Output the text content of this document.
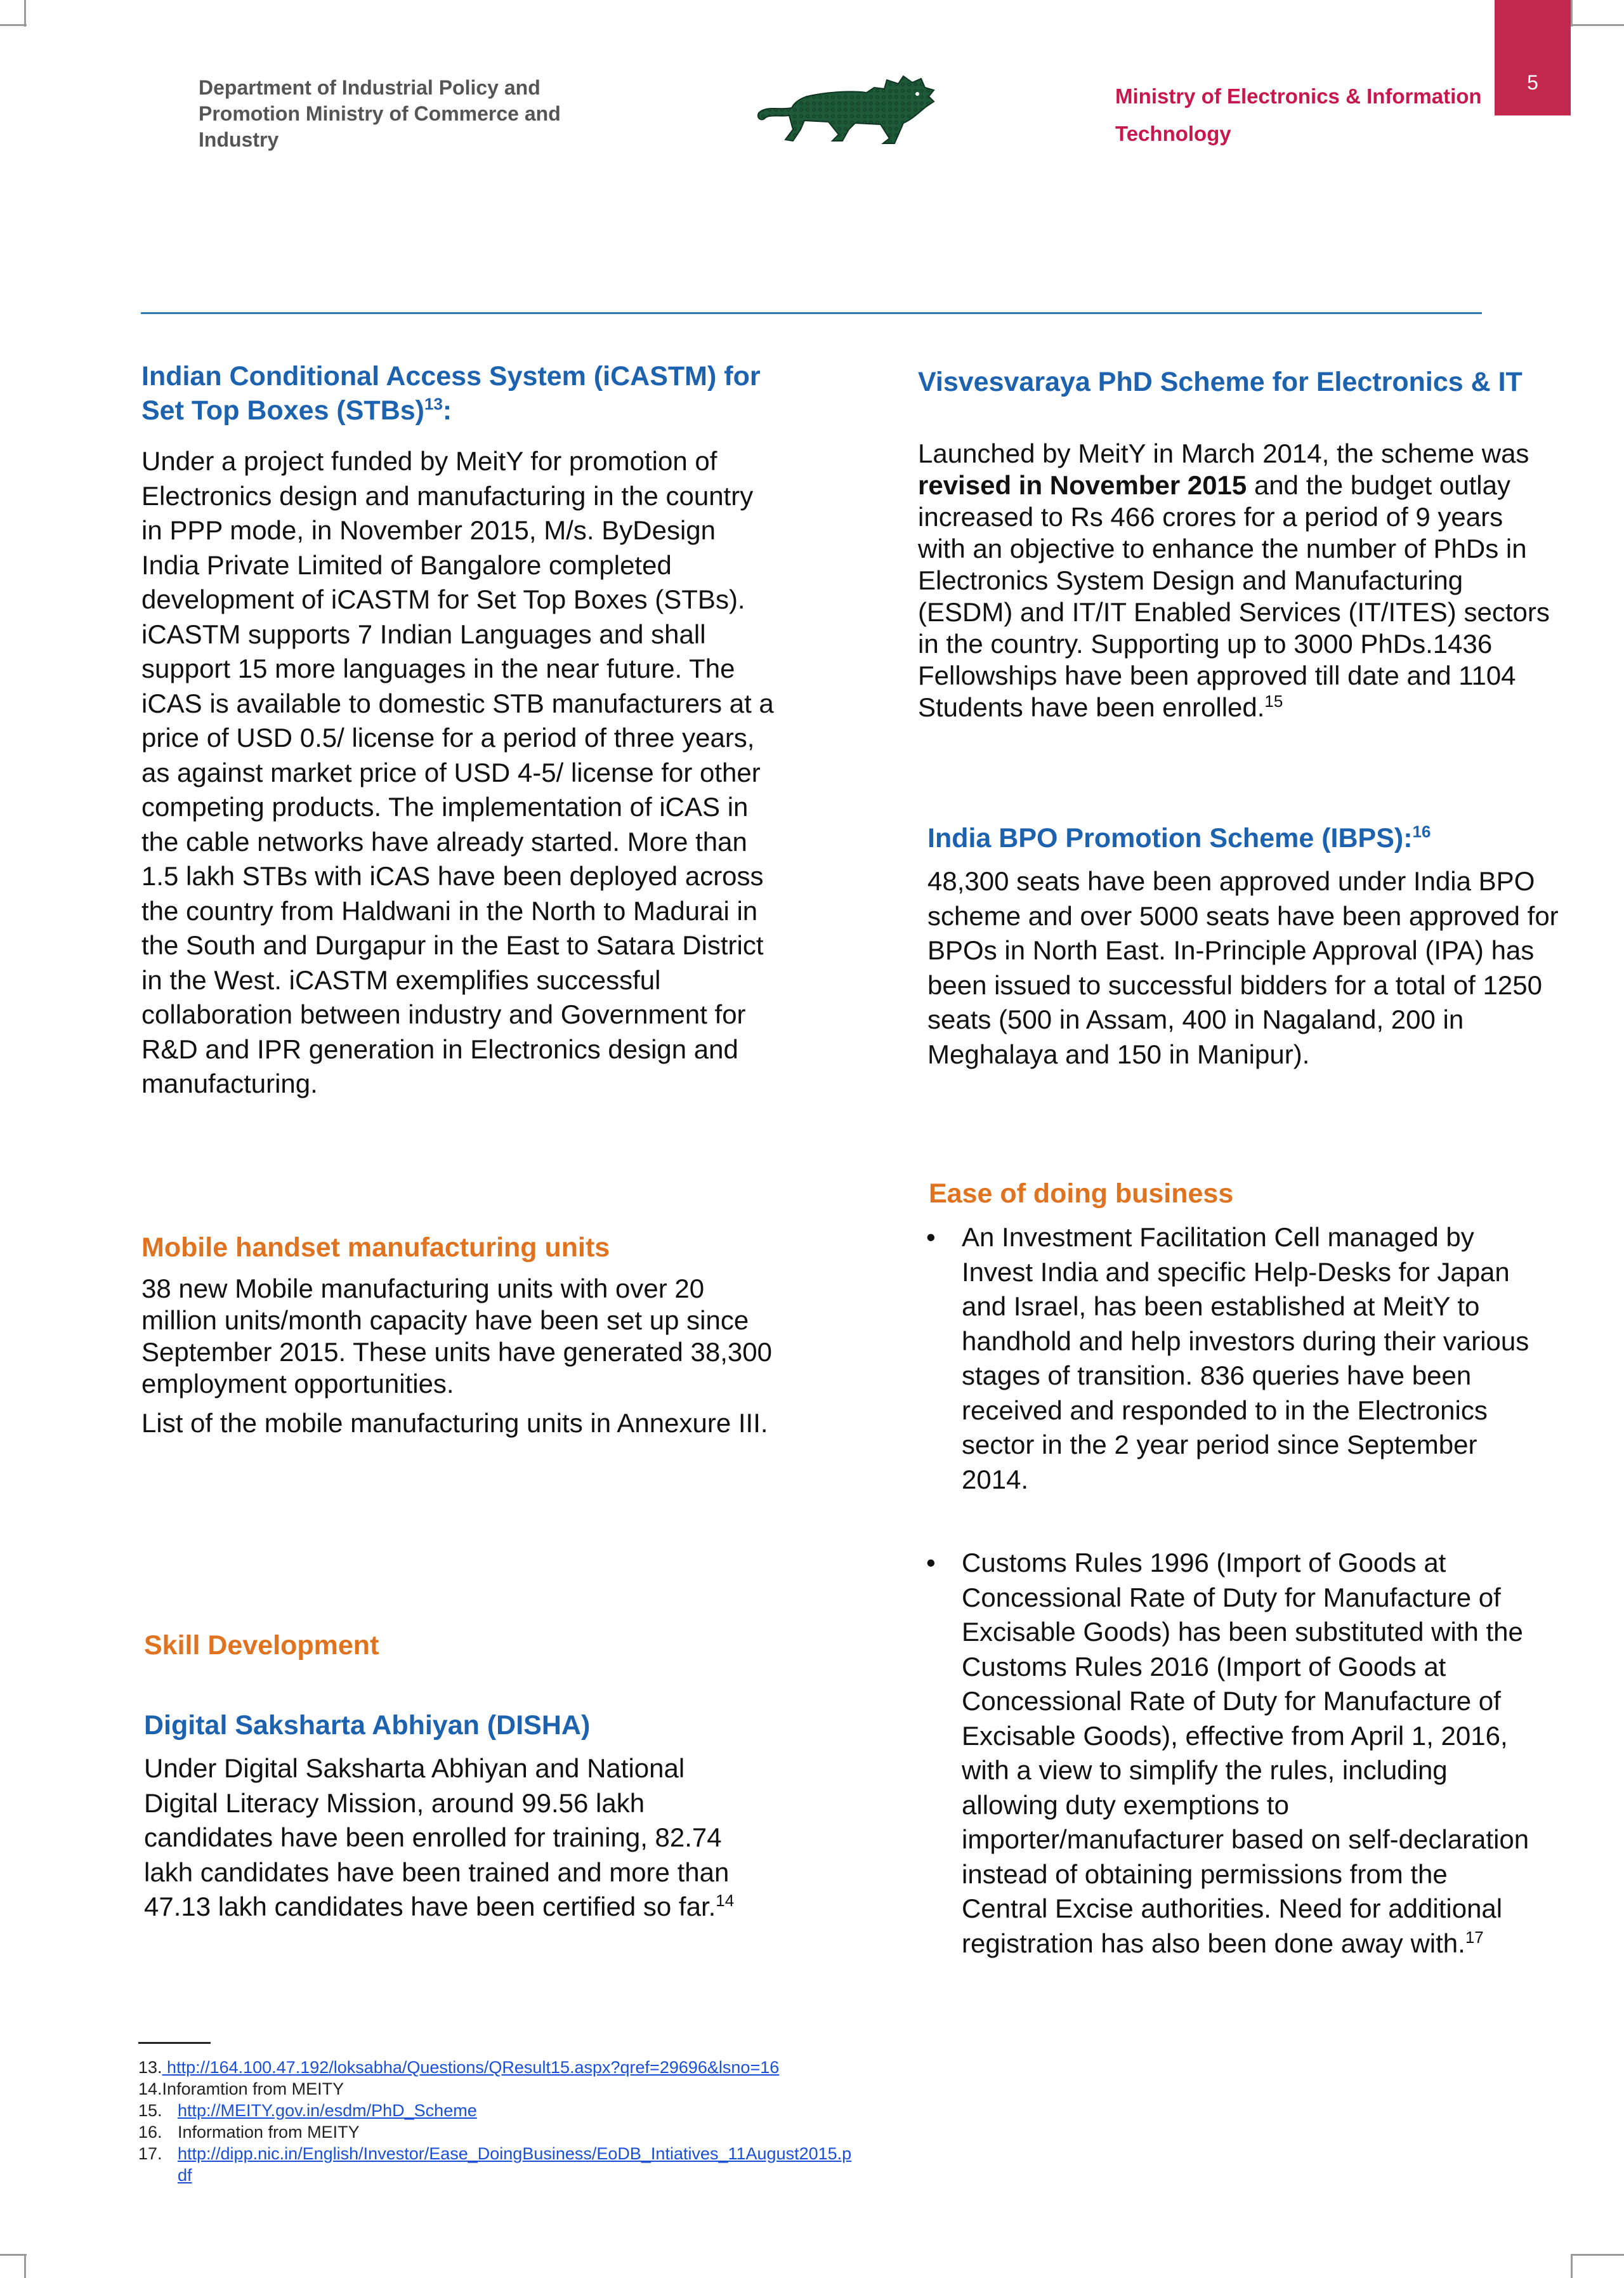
Department of Industrial Policy and Promotion Ministry of Commerce and Industry
Ministry of Electronics & Information Technology
5
Indian Conditional Access System (iCASTM) for Set Top Boxes (STBs)$^{13}$:

Under a project funded by MeitY for promotion of Electronics design and manufacturing in the country in PPP mode, in November 2015, M/s. ByDesign India Private Limited of Bangalore completed development of iCASTM for Set Top Boxes (STBs). iCASTM supports 7 Indian Languages and shall support 15 more languages in the near future. The iCAS is available to domestic STB manufacturers at a price of USD 0.5/ license for a period of three years, as against market price of USD 4-5/ license for other competing products. The implementation of iCAS in the cable networks have already started. More than 1.5 lakh STBs with iCAS have been deployed across the country from Haldwani in the North to Madurai in the South and Durgapur in the East to Satara District in the West. iCASTM exemplifies successful collaboration between industry and Government for R&D and IPR generation in Electronics design and manufacturing.

Mobile handset manufacturing units

38 new Mobile manufacturing units with over 20 million units/month capacity have been set up since September 2015. These units have generated 38,300 employment opportunities.

List of the mobile manufacturing units in Annexure III.

Skill Development
Digital Saksharta Abhiyan (DISHA)

Under Digital Saksharta Abhiyan and National Digital Literacy Mission, around 99.56 lakh candidates have been enrolled for training, 82.74 lakh candidates have been trained and more than 47.13 lakh candidates have been certified so far.$^{14}$

Visvesvaraya PhD Scheme for Electronics & IT

Launched by MeitY in March 2014, the scheme was revised in November 2015 and the budget outlay increased to Rs 466 crores for a period of 9 years with an objective to enhance the number of PhDs in Electronics System Design and Manufacturing (ESDM) and IT/IT Enabled Services (IT/ITES) sectors in the country. Supporting up to 3000 PhDs.1436 Fellowships have been approved till date and 1104 Students have been enrolled.$^{15}$

India BPO Promotion Scheme (IBPS):$^{16}$

48,300 seats have been approved under India BPO scheme and over 5000 seats have been approved for BPOs in North East. In-Principle Approval (IPA) has been issued to successful bidders for a total of 1250 seats (500 in Assam, 400 in Nagaland, 200 in Meghalaya and 150 in Manipur).

Ease of doing business
• An Investment Facilitation Cell managed by Invest India and specific Help-Desks for Japan and Israel, has been established at MeitY to handhold and help investors during their various stages of transition. 836 queries have been received and responded to in the Electronics sector in the 2 year period since September 2014.

• Customs Rules 1996 (Import of Goods at Concessional Rate of Duty for Manufacture of Excisable Goods) has been substituted with the Customs Rules 2016 (Import of Goods at Concessional Rate of Duty for Manufacture of Excisable Goods), effective from April 1, 2016, with a view to simplify the rules, including allowing duty exemptions to importer/manufacturer based on self-declaration instead of obtaining permissions from the Central Excise authorities. Need for additional registration has also been done away with.$^{17}$

13. http://164.100.47.192/loksabha/Questions/QResult15.aspx?qref=29696&lsno=16
14.Inforamtion from MEITY
15. http://MEITY.gov.in/esdm/PhD_Scheme
16. Information from MEITY
17. http://dipp.nic.in/English/Investor/Ease_DoingBusiness/EoDB_Intiatives_11August2015.p
df
